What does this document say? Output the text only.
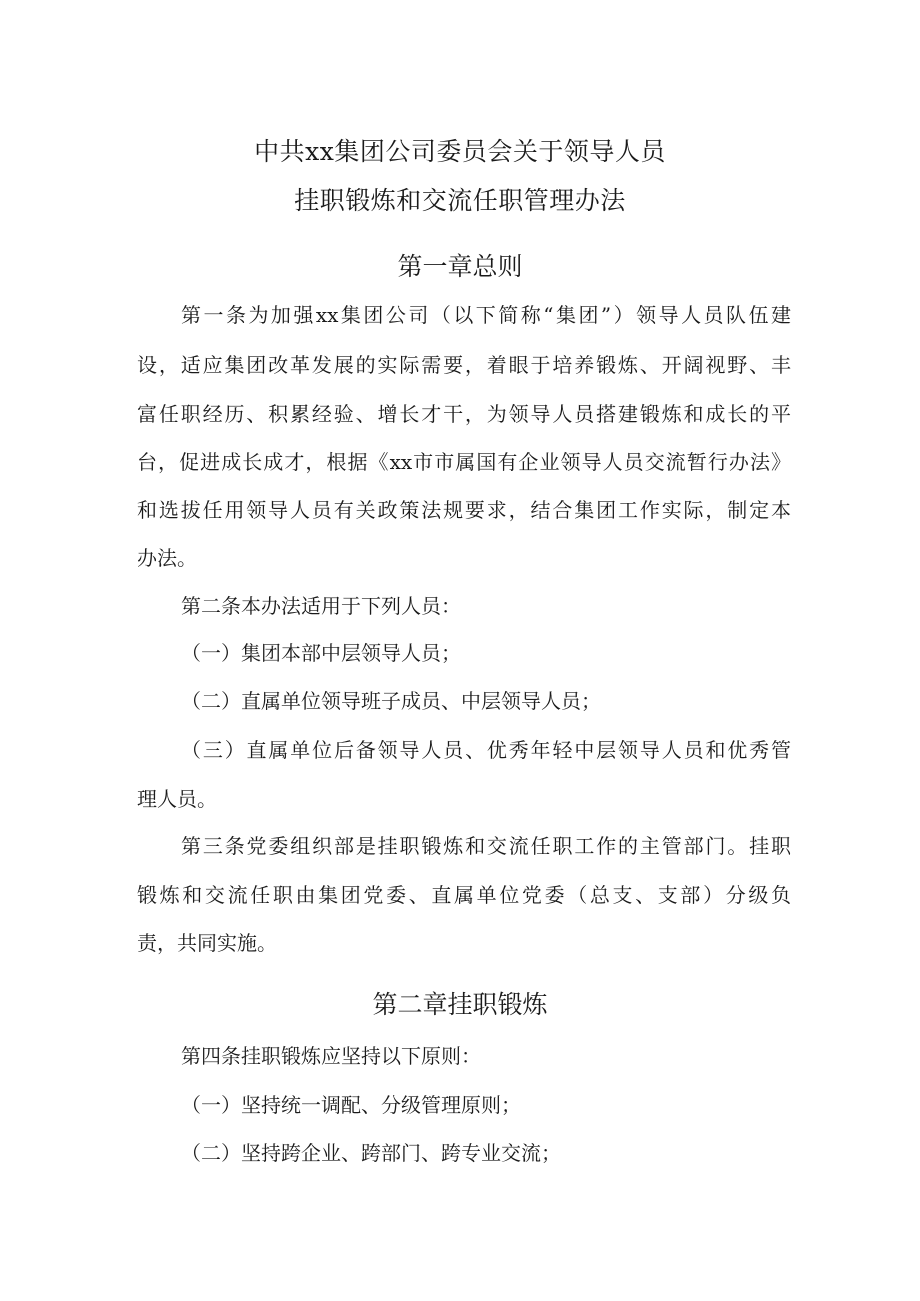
中共xx集团公司委员会关于领导人员
挂职锻炼和交流任职管理办法
第一章总则
第一条为加强xx集团公司（以下简称“集团”）领导人员队伍建
设，适应集团改革发展的实际需要，着眼于培养锻炼、开阔视野、丰
富任职经历、积累经验、增长才干，为领导人员搭建锻炼和成长的平
台，促进成长成才，根据《xx市市属国有企业领导人员交流暂行办法》
和选拔任用领导人员有关政策法规要求，结合集团工作实际，制定本
办法。
第二条本办法适用于下列人员：
（一）集团本部中层领导人员；
（二）直属单位领导班子成员、中层领导人员；
（三）直属单位后备领导人员、优秀年轻中层领导人员和优秀管
理人员。
第三条党委组织部是挂职锻炼和交流任职工作的主管部门。挂职
锻炼和交流任职由集团党委、直属单位党委（总支、支部）分级负
责，共同实施。
第二章挂职锻炼
第四条挂职锻炼应坚持以下原则：
（一）坚持统一调配、分级管理原则；
（二）坚持跨企业、跨部门、跨专业交流；
